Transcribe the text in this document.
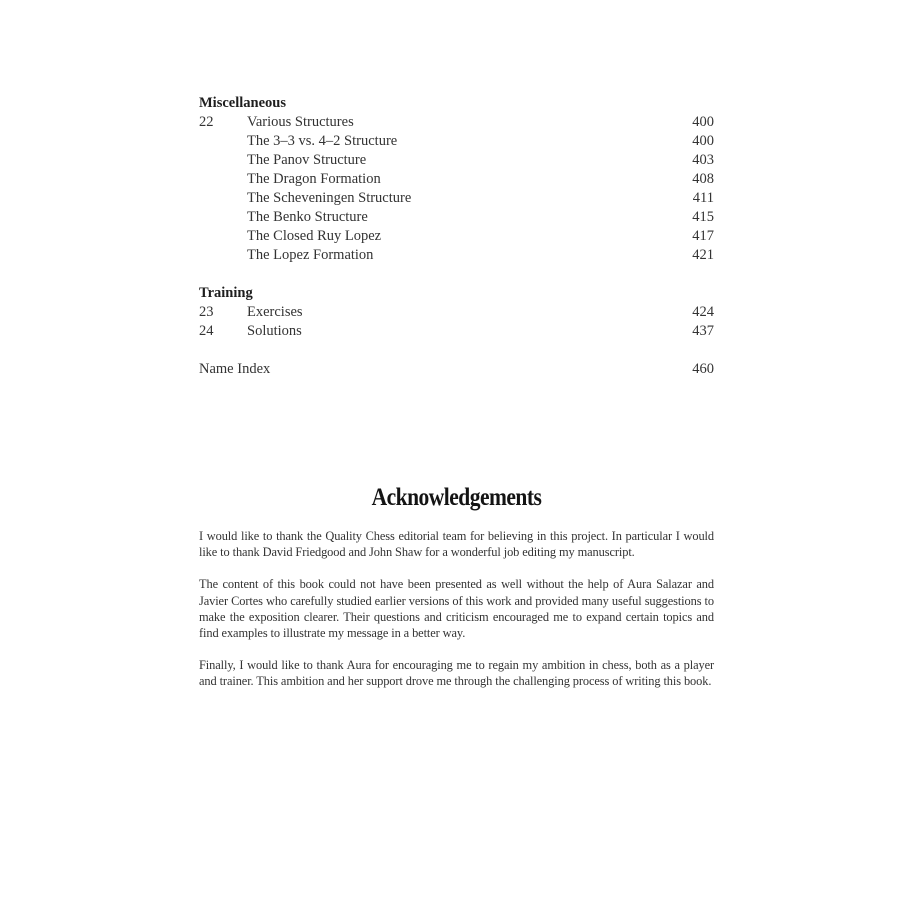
Miscellaneous
22	Various Structures	400
The 3–3 vs. 4–2 Structure	400
The Panov Structure	403
The Dragon Formation	408
The Scheveningen Structure	411
The Benko Structure	415
The Closed Ruy Lopez	417
The Lopez Formation	421
Training
23	Exercises	424
24	Solutions	437
Name Index	460
Acknowledgements

I would like to thank the Quality Chess editorial team for believing in this project. In particular I would like to thank David Friedgood and John Shaw for a wonderful job editing my manuscript.

The content of this book could not have been presented as well without the help of Aura Salazar and Javier Cortes who carefully studied earlier versions of this work and provided many useful suggestions to make the exposition clearer. Their questions and criticism encouraged me to expand certain topics and find examples to illustrate my message in a better way.

Finally, I would like to thank Aura for encouraging me to regain my ambition in chess, both as a player and trainer. This ambition and her support drove me through the challenging process of writing this book.
